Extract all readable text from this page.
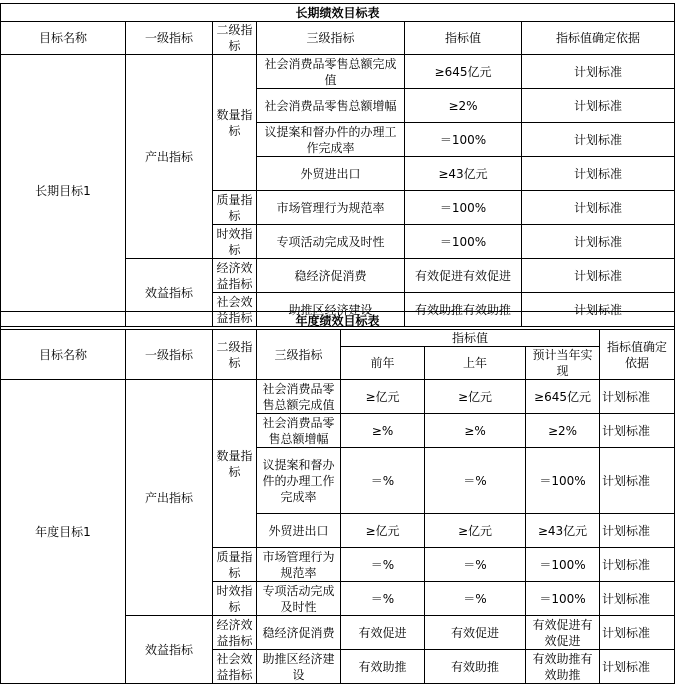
长期绩效目标表					
目标名称	一级指标	二级指标	三级指标	指标值	指标值确定依据
长期目标1	产出指标	数量指标	社会消费品零售总额完成值	≥645亿元	计划标准
			社会消费品零售总额增幅	≥2%	计划标准
			议提案和督办件的办理工作完成率	＝100%	计划标准
			外贸进出口	≥43亿元	计划标准
		质量指标	市场管理行为规范率	＝100%	计划标准
		时效指标	专项活动完成及时性	＝100%	计划标准
	效益指标	经济效益指标	稳经济促消费	有效促进有效促进	计划标准
		社会效益指标	助推区经济建设	有效助推有效助推	计划标准
年度绩效目标表							
目标名称	一级指标	二级指标	三级指标	指标值			指标值确定依据
				前年	上年	预计当年实现	
年度目标1	产出指标	数量指标	社会消费品零售总额完成值	≥亿元	≥亿元	≥645亿元	计划标准
			社会消费品零售总额增幅	≥%	≥%	≥2%	计划标准
			议提案和督办件的办理工作完成率	＝%	＝%	＝100%	计划标准
			外贸进出口	≥亿元	≥亿元	≥43亿元	计划标准
		质量指标	市场管理行为规范率	＝%	＝%	＝100%	计划标准
		时效指标	专项活动完成及时性	＝%	＝%	＝100%	计划标准
	效益指标	经济效益指标	稳经济促消费	有效促进	有效促进	有效促进有效促进	计划标准
		社会效益指标	助推区经济建设	有效助推	有效助推	有效助推有效助推	计划标准
